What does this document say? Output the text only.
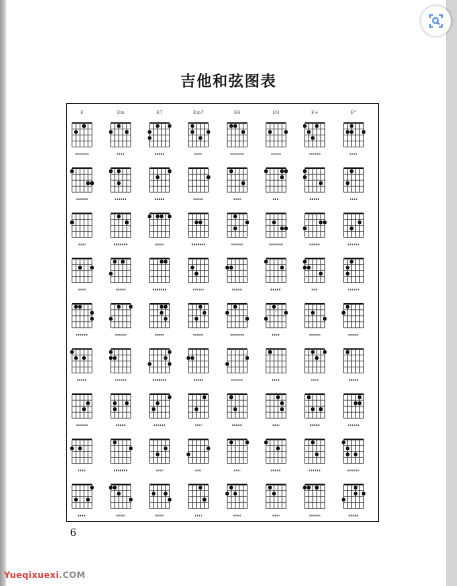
吉他和弦图表
E	Em	E7	Em7	E6	E9	E+	E°
6
Yueqixuexi.COM
